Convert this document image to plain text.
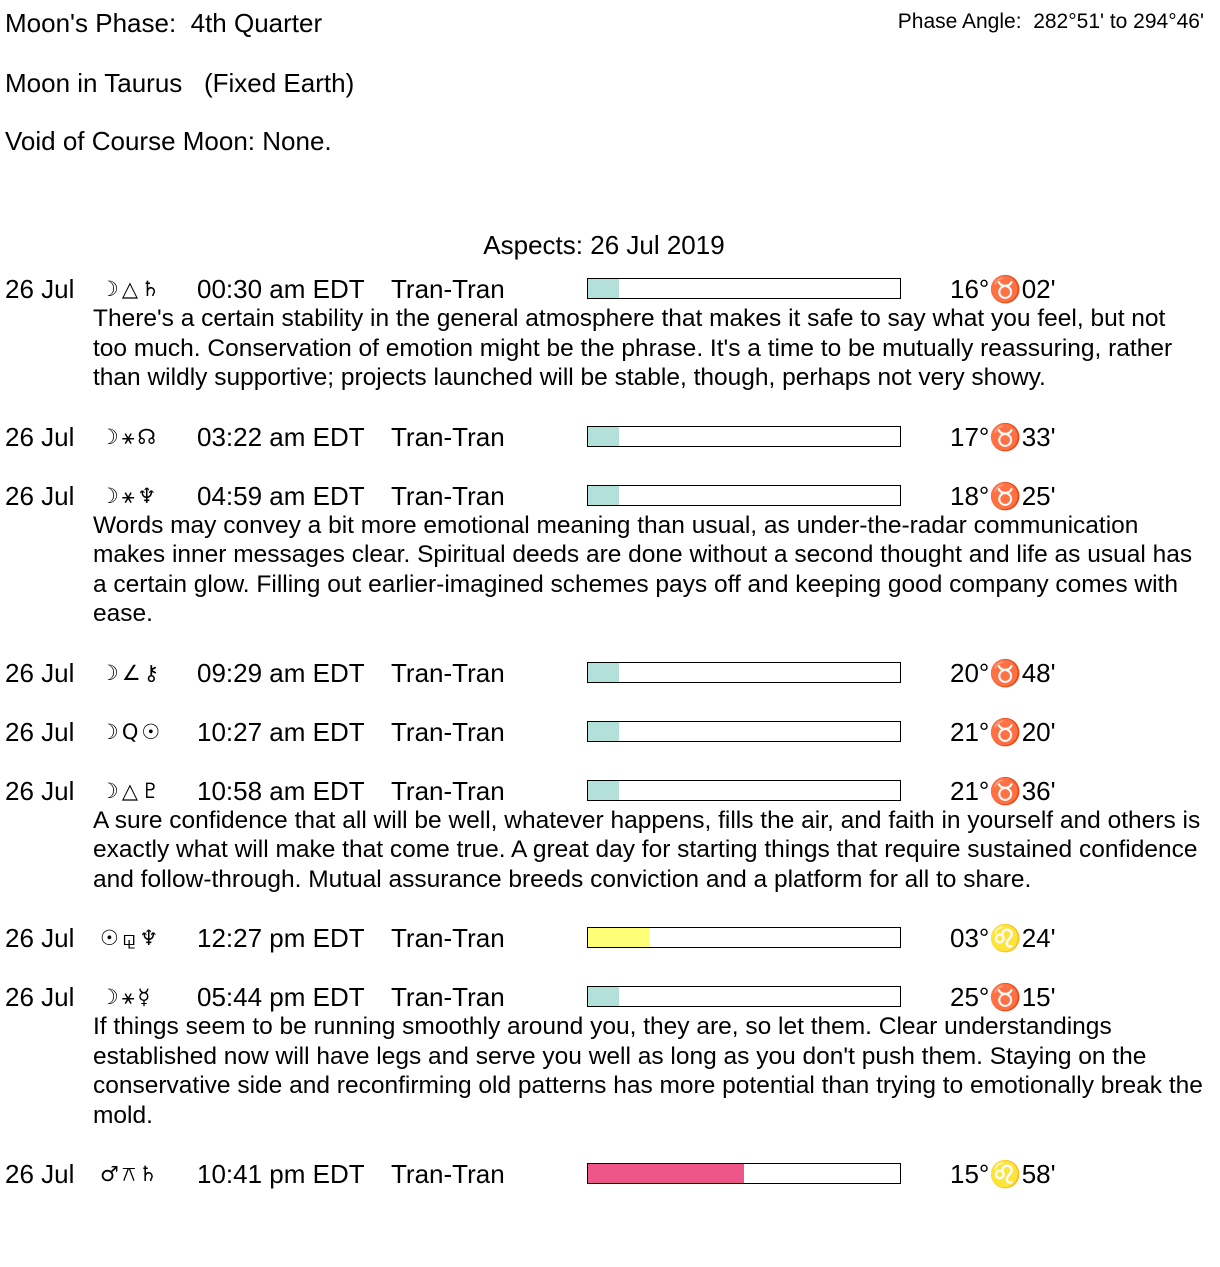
Moon's Phase:  4th Quarter
Moon in Taurus   (Fixed Earth)
Void of Course Moon: None.
Phase Angle:  282°51' to 294°46'
Aspects: 26 Jul 2019
26 Jul ☽△♄ 00:30 am EDT Tran-Tran	16°♉02'
There's a certain stability in the general atmosphere that makes it safe to say what you feel, but not too much. Conservation of emotion might be the phrase. It's a time to be mutually reassuring, rather than wildly supportive; projects launched will be stable, though, perhaps not very showy.
26 Jul ☽⚹☊ 03:22 am EDT Tran-Tran	17°♉33'
26 Jul ☽⚹♆ 04:59 am EDT Tran-Tran	18°♉25'
Words may convey a bit more emotional meaning than usual, as under-the-radar communication makes inner messages clear. Spiritual deeds are done without a second thought and life as usual has a certain glow. Filling out earlier-imagined schemes pays off and keeping good company comes with ease.
26 Jul ☽∠⚷ 09:29 am EDT Tran-Tran	20°♉48'
26 Jul ☽Q☉ 10:27 am EDT Tran-Tran	21°♉20'
26 Jul ☽△♇ 10:58 am EDT Tran-Tran	21°♉36'
A sure confidence that all will be well, whatever happens, fills the air, and faith in yourself and others is exactly what will make that come true. A great day for starting things that require sustained confidence and follow-through. Mutual assurance breeds conviction and a platform for all to share.
26 Jul ☉⚼♆ 12:27 pm EDT Tran-Tran	03°♌24'
26 Jul ☽⚹☿ 05:44 pm EDT Tran-Tran	25°♉15'
If things seem to be running smoothly around you, they are, so let them. Clear understandings established now will have legs and serve you well as long as you don't push them. Staying on the conservative side and reconfirming old patterns has more potential than trying to emotionally break the mold.
26 Jul ♂⚻♄ 10:41 pm EDT Tran-Tran	15°♌58'
